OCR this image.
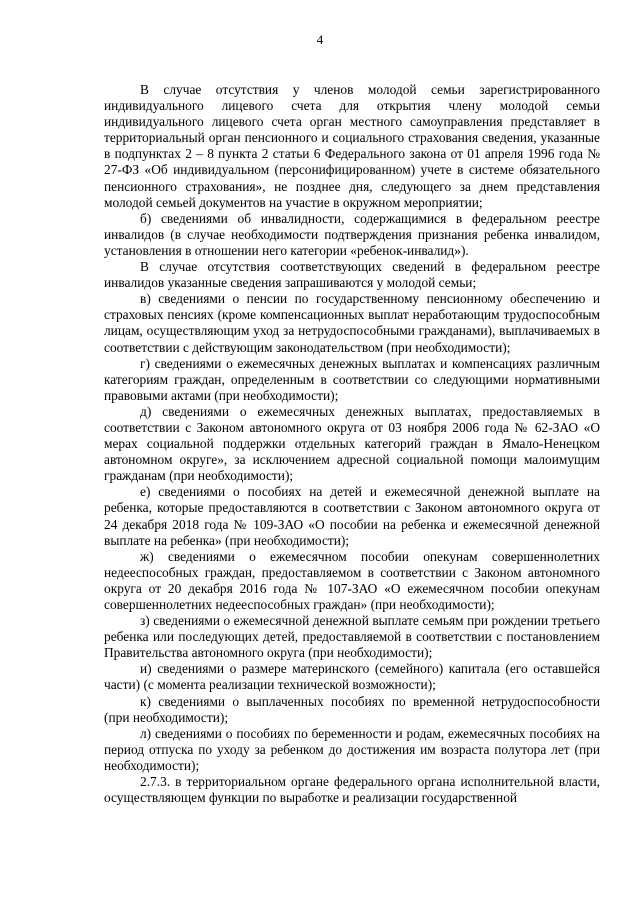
4

В случае отсутствия у членов молодой семьи зарегистрированного индивидуального лицевого счета для открытия члену молодой семьи индивидуального лицевого счета орган местного самоуправления представляет в территориальный орган пенсионного и социального страхования сведения, указанные в подпунктах 2 – 8 пункта 2 статьи 6 Федерального закона от 01 апреля 1996 года № 27-ФЗ «Об индивидуальном (персонифицированном) учете в системе обязательного пенсионного страхования», не позднее дня, следующего за днем представления молодой семьей документов на участие в окружном мероприятии;

б) сведениями об инвалидности, содержащимися в федеральном реестре инвалидов (в случае необходимости подтверждения признания ребенка инвалидом, установления в отношении него категории «ребенок-инвалид»).

В случае отсутствия соответствующих сведений в федеральном реестре инвалидов указанные сведения запрашиваются у молодой семьи;

в) сведениями о пенсии по государственному пенсионному обеспечению и страховых пенсиях (кроме компенсационных выплат неработающим трудоспособным лицам, осуществляющим уход за нетрудоспособными гражданами), выплачиваемых в соответствии с действующим законодательством (при необходимости);

г) сведениями о ежемесячных денежных выплатах и компенсациях различным категориям граждан, определенным в соответствии со следующими нормативными правовыми актами (при необходимости);

д) сведениями о ежемесячных денежных выплатах, предоставляемых в соответствии с Законом автономного округа от 03 ноября 2006 года № 62-ЗАО «О мерах социальной поддержки отдельных категорий граждан в Ямало-Ненецком автономном округе», за исключением адресной социальной помощи малоимущим гражданам (при необходимости);

е) сведениями о пособиях на детей и ежемесячной денежной выплате на ребенка, которые предоставляются в соответствии с Законом автономного округа от 24 декабря 2018 года № 109-ЗАО «О пособии на ребенка и ежемесячной денежной выплате на ребенка» (при необходимости);

ж) сведениями о ежемесячном пособии опекунам совершеннолетних недееспособных граждан, предоставляемом в соответствии с Законом автономного округа от 20 декабря 2016 года № 107-ЗАО «О ежемесячном пособии опекунам совершеннолетних недееспособных граждан» (при необходимости);

з) сведениями о ежемесячной денежной выплате семьям при рождении третьего ребенка или последующих детей, предоставляемой в соответствии с постановлением Правительства автономного округа (при необходимости);

и) сведениями о размере материнского (семейного) капитала (его оставшейся части) (с момента реализации технической возможности);

к) сведениями о выплаченных пособиях по временной нетрудоспособности (при необходимости);

л) сведениями о пособиях по беременности и родам, ежемесячных пособиях на период отпуска по уходу за ребенком до достижения им возраста полутора лет (при необходимости);

2.7.3. в территориальном органе федерального органа исполнительной власти, осуществляющем функции по выработке и реализации государственной
